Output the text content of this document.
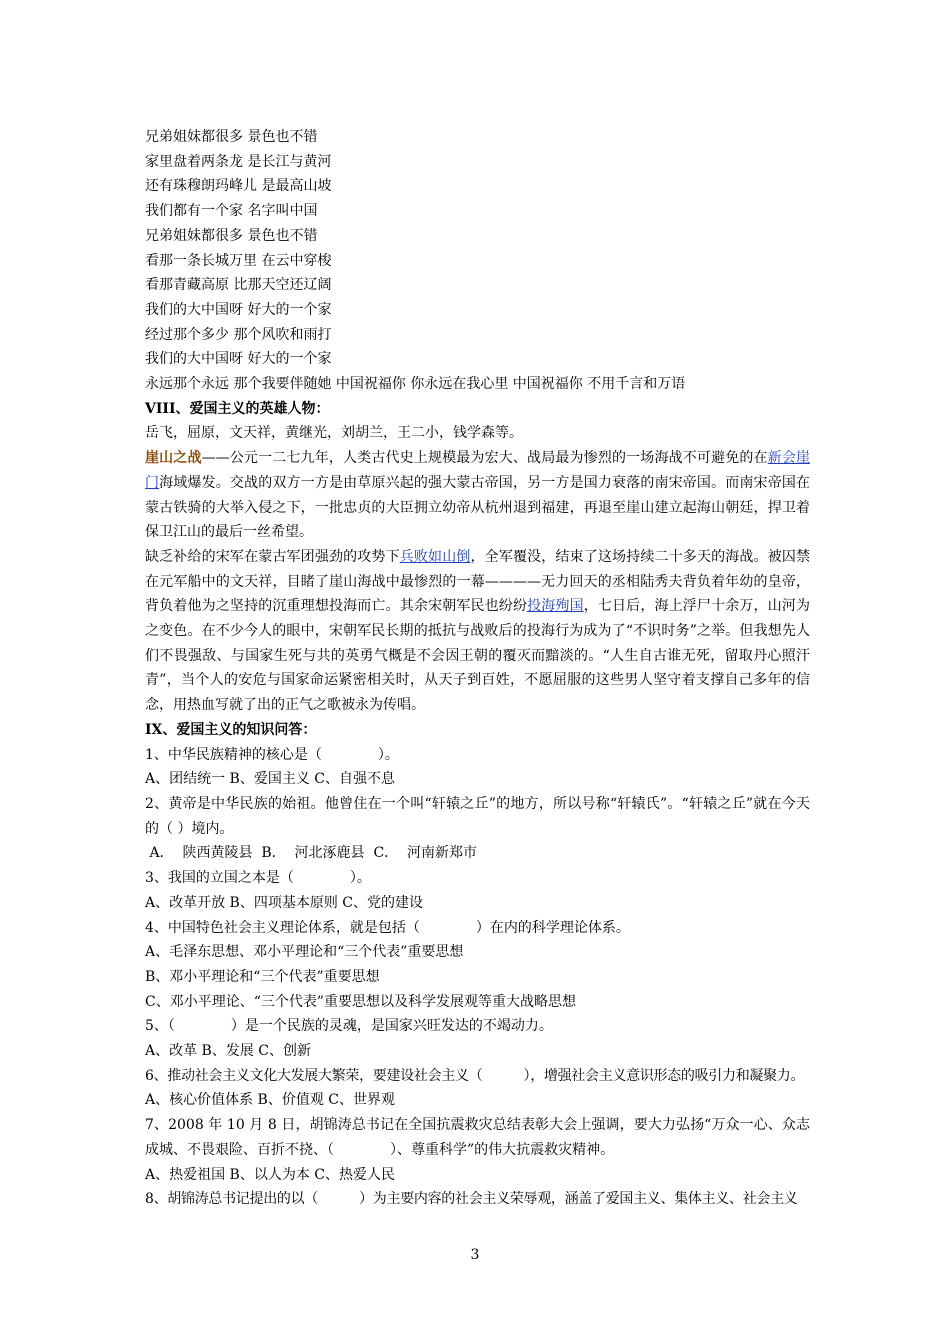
兄弟姐妹都很多 景色也不错
家里盘着两条龙 是长江与黄河
还有珠穆朗玛峰儿 是最高山坡
我们都有一个家 名字叫中国
兄弟姐妹都很多 景色也不错
看那一条长城万里 在云中穿梭
看那青藏高原 比那天空还辽阔
我们的大中国呀 好大的一个家
经过那个多少 那个风吹和雨打
我们的大中国呀 好大的一个家
永远那个永远 那个我要伴随她 中国祝福你 你永远在我心里 中国祝福你 不用千言和万语
VIII、爱国主义的英雄人物：
岳飞，屈原，文天祥，黄继光，刘胡兰，王二小，钱学森等。
崖山之战——公元一二七九年，人类古代史上规模最为宏大、战局最为惨烈的一场海战不可避免的在新会崖门海域爆发。交战的双方一方是由草原兴起的强大蒙古帝国，另一方是国力衰落的南宋帝国。而南宋帝国在蒙古铁骑的大举入侵之下，一批忠贞的大臣拥立幼帝从杭州退到福建，再退至崖山建立起海山朝廷，捍卫着保卫江山的最后一丝希望。
缺乏补给的宋军在蒙古军团强劲的攻势下兵败如山倒，全军覆没，结束了这场持续二十多天的海战。被囚禁在元军船中的文天祥，目睹了崖山海战中最惨烈的一幕————无力回天的丞相陆秀夫背负着年幼的皇帝，背负着他为之坚持的沉重理想投海而亡。其余宋朝军民也纷纷投海殉国，七日后，海上浮尸十余万，山河为之变色。在不少今人的眼中，宋朝军民长期的抵抗与战败后的投海行为成为了“不识时务”之举。但我想先人们不畏强敌、与国家生死与共的英勇气概是不会因王朝的覆灭而黯淡的。“人生自古谁无死，留取丹心照汗青”，当个人的安危与国家命运紧密相关时，从天子到百姓，不愿屈服的这些男人坚守着支撑自己多年的信念，用热血写就了出的正气之歌被永为传唱。
IX、爱国主义的知识问答：
1、中华民族精神的核心是（　　　　）。
A、团结统一 B、爱国主义 C、自强不息
2、黄帝是中华民族的始祖。他曾住在一个叫“轩辕之丘”的地方，所以号称“轩辕氏”。“轩辕之丘”就在今天的（ ）境内。
A．  陕西黄陵县  B．  河北涿鹿县  C．  河南新郑市
3、我国的立国之本是（　　　　）。
A、改革开放 B、四项基本原则 C、党的建设
4、中国特色社会主义理论体系，就是包括（　　　　）在内的科学理论体系。
A、毛泽东思想、邓小平理论和“三个代表”重要思想
B、邓小平理论和“三个代表”重要思想
C、邓小平理论、“三个代表”重要思想以及科学发展观等重大战略思想
5、（　　　　）是一个民族的灵魂，是国家兴旺发达的不竭动力。
A、改革 B、发展 C、创新
6、推动社会主义文化大发展大繁荣，要建设社会主义（　　　），增强社会主义意识形态的吸引力和凝聚力。
A、核心价值体系 B、价值观 C、世界观
7、2008 年 10 月 8 日，胡锦涛总书记在全国抗震救灾总结表彰大会上强调，要大力弘扬“万众一心、众志成城、不畏艰险、百折不挠、（　　　　）、尊重科学”的伟大抗震救灾精神。
A、热爱祖国 B、以人为本 C、热爱人民
8、胡锦涛总书记提出的以（　　　）为主要内容的社会主义荣辱观，涵盖了爱国主义、集体主义、社会主义
3
